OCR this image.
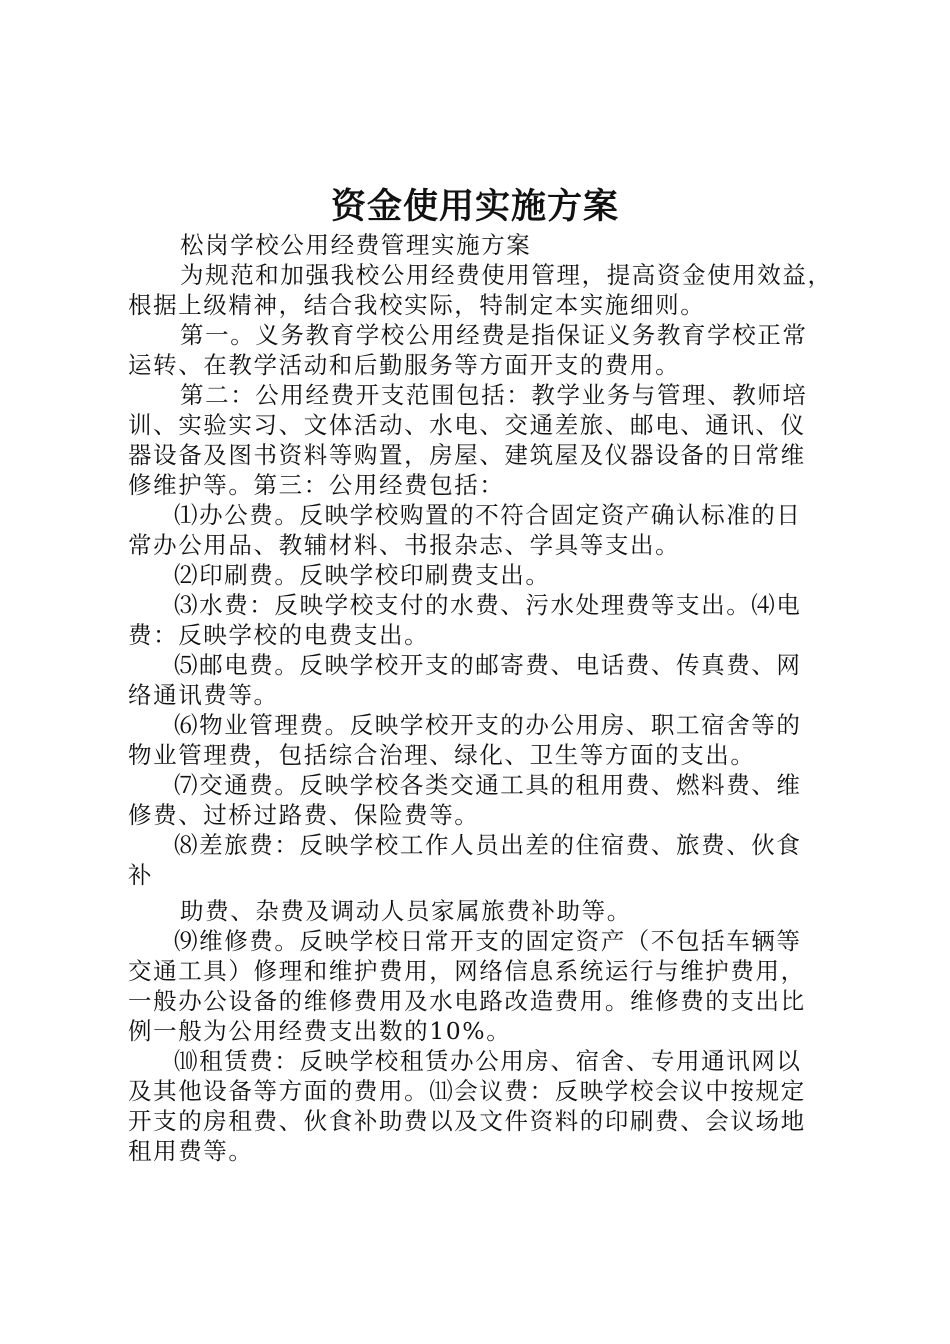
资金使用实施方案
松岗学校公用经费管理实施方案
为规范和加强我校公用经费使用管理，提高资金使用效益，
根据上级精神，结合我校实际，特制定本实施细则。
第一。义务教育学校公用经费是指保证义务教育学校正常
运转、在教学活动和后勤服务等方面开支的费用。
第二：公用经费开支范围包括：教学业务与管理、教师培
训、实验实习、文体活动、水电、交通差旅、邮电、通讯、仪
器设备及图书资料等购置，房屋、建筑屋及仪器设备的日常维
修维护等。第三：公用经费包括：
⑴办公费。反映学校购置的不符合固定资产确认标准的日
常办公用品、教辅材料、书报杂志、学具等支出。
⑵印刷费。反映学校印刷费支出。
⑶水费：反映学校支付的水费、污水处理费等支出。⑷电
费：反映学校的电费支出。
⑸邮电费。反映学校开支的邮寄费、电话费、传真费、网
络通讯费等。
⑹物业管理费。反映学校开支的办公用房、职工宿舍等的
物业管理费，包括综合治理、绿化、卫生等方面的支出。
⑺交通费。反映学校各类交通工具的租用费、燃料费、维
修费、过桥过路费、保险费等。
⑻差旅费：反映学校工作人员出差的住宿费、旅费、伙食
补
助费、杂费及调动人员家属旅费补助等。
⑼维修费。反映学校日常开支的固定资产（不包括车辆等
交通工具）修理和维护费用，网络信息系统运行与维护费用，
一般办公设备的维修费用及水电路改造费用。维修费的支出比
例一般为公用经费支出数的10%。
⑽租赁费：反映学校租赁办公用房、宿舍、专用通讯网以
及其他设备等方面的费用。⑾会议费：反映学校会议中按规定
开支的房租费、伙食补助费以及文件资料的印刷费、会议场地
租用费等。
